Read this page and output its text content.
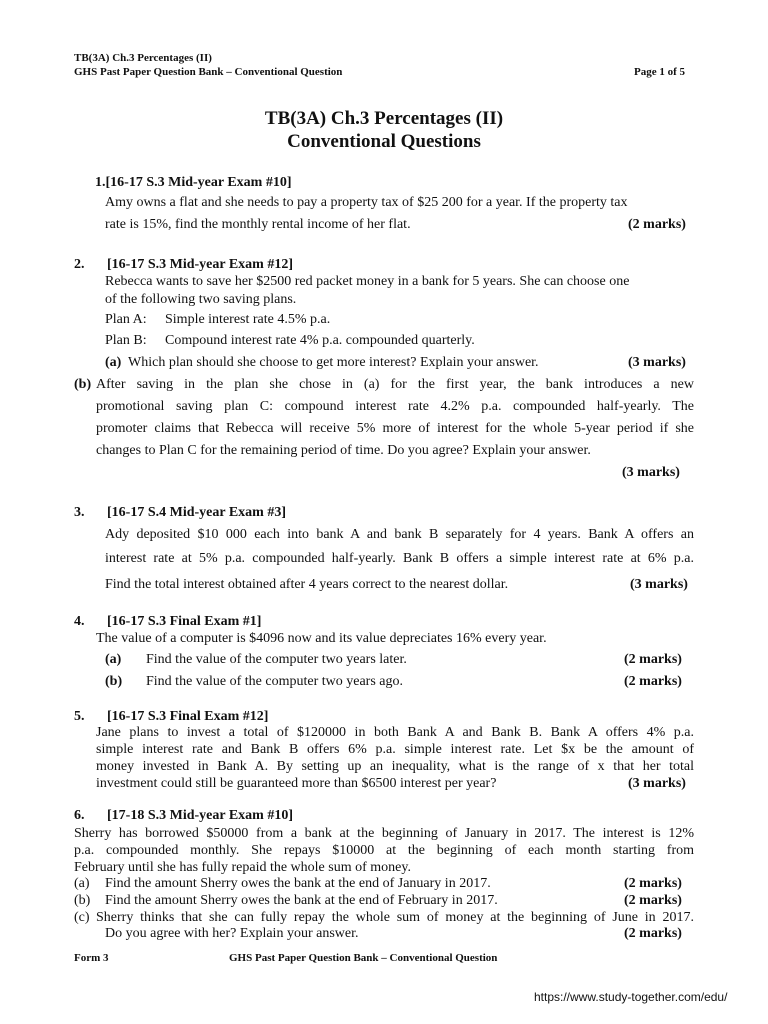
TB(3A) Ch.3 Percentages (II)
GHS Past Paper Question Bank – Conventional Question	Page 1 of 5
TB(3A) Ch.3 Percentages (II)
Conventional Questions
1.[16-17 S.3 Mid-year Exam #10]
Amy owns a flat and she needs to pay a property tax of $25 200 for a year. If the property tax
rate is 15%, find the monthly rental income of her flat.	(2 marks)
2. [16-17 S.3 Mid-year Exam #12]
Rebecca wants to save her $2500 red packet money in a bank for 5 years. She can choose one
of the following two saving plans.
Plan A: Simple interest rate 4.5% p.a.
Plan B: Compound interest rate 4% p.a. compounded quarterly.
(a) Which plan should she choose to get more interest? Explain your answer.	(3 marks)
(b) After saving in the plan she chose in (a) for the first year, the bank introduces a new
promotional saving plan C: compound interest rate 4.2% p.a. compounded half-yearly. The
promoter claims that Rebecca will receive 5% more of interest for the whole 5-year period if she
changes to Plan C for the remaining period of time. Do you agree? Explain your answer.
(3 marks)
3. [16-17 S.4 Mid-year Exam #3]
Ady deposited $10 000 each into bank A and bank B separately for 4 years. Bank A offers an
interest rate at 5% p.a. compounded half-yearly. Bank B offers a simple interest rate at 6% p.a.
Find the total interest obtained after 4 years correct to the nearest dollar.	(3 marks)
4. [16-17 S.3 Final Exam #1]
The value of a computer is $4096 now and its value depreciates 16% every year.
(a) Find the value of the computer two years later.	(2 marks)
(b) Find the value of the computer two years ago.	(2 marks)
5. [16-17 S.3 Final Exam #12]
Jane plans to invest a total of $120000 in both Bank A and Bank B. Bank A offers 4% p.a.
simple interest rate and Bank B offers 6% p.a. simple interest rate. Let $x be the amount of
money invested in Bank A. By setting up an inequality, what is the range of x that her total
investment could still be guaranteed more than $6500 interest per year?	(3 marks)
6. [17-18 S.3 Mid-year Exam #10]
Sherry has borrowed $50000 from a bank at the beginning of January in 2017. The interest is 12%
p.a. compounded monthly. She repays $10000 at the beginning of each month starting from
February until she has fully repaid the whole sum of money.
(a) Find the amount Sherry owes the bank at the end of January in 2017.	(2 marks)
(b) Find the amount Sherry owes the bank at the end of February in 2017.	(2 marks)
(c) Sherry thinks that she can fully repay the whole sum of money at the beginning of June in 2017.
Do you agree with her? Explain your answer.	(2 marks)
Form 3	GHS Past Paper Question Bank – Conventional Question
https://www.study-together.com/edu/
